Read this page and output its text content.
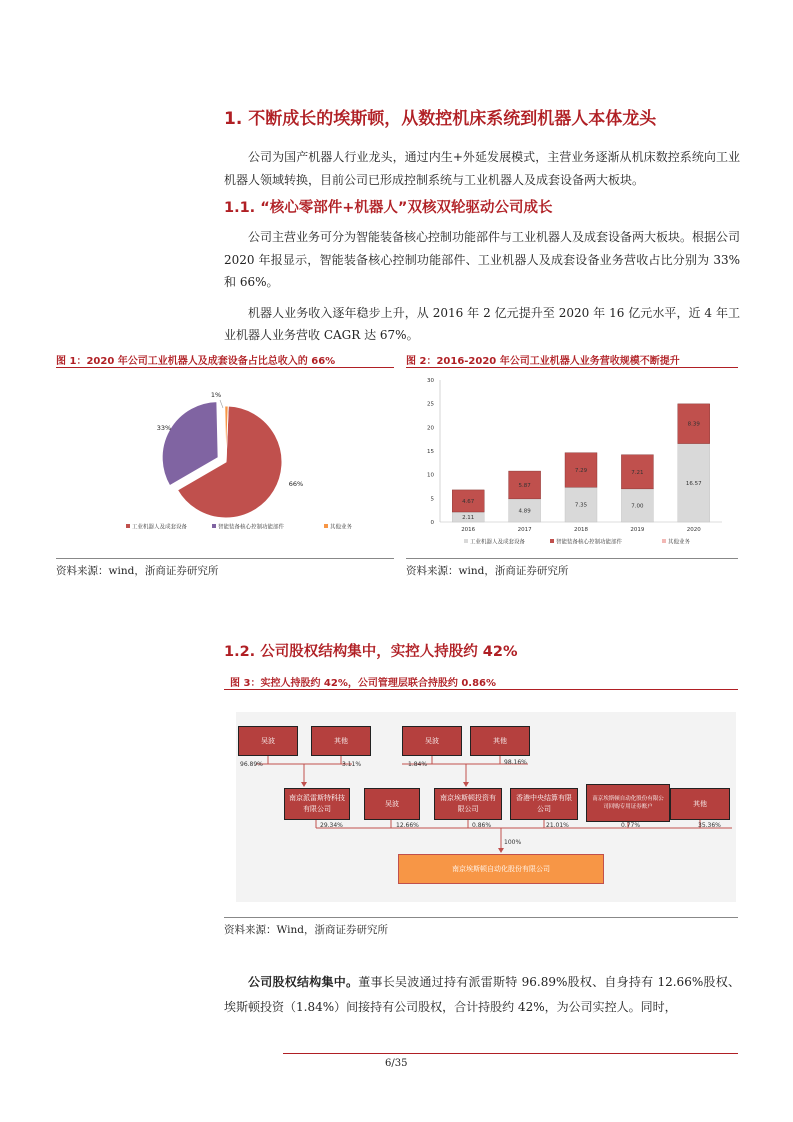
1. 不断成长的埃斯顿，从数控机床系统到机器人本体龙头

公司为国产机器人行业龙头，通过内生+外延发展模式，主营业务逐渐从机床数控系统向工业机器人领域转换，目前公司已形成控制系统与工业机器人及成套设备两大板块。

1.1. “核心零部件+机器人”双核双轮驱动公司成长

公司主营业务可分为智能装备核心控制功能部件与工业机器人及成套设备两大板块。根据公司 2020 年报显示，智能装备核心控制功能部件、工业机器人及成套设备业务营收占比分别为 33%和 66%。

机器人业务收入逐年稳步上升，从 2016 年 2 亿元提升至 2020 年 16 亿元水平，近 4 年工业机器人业务营收 CAGR 达 67%。

图 1：2020 年公司工业机器人及成套设备占比总收入的 66%	图 2：2016-2020 年公司工业机器人业务营收规模不断提升
66%
33%
1%
工业机器人及成套设备	智能装备核心控制功能部件	其他业务
0
5
10
15
20
25
30
2.11
4.67
2016
4.89
5.87
2017
7.35
7.29
2018
7.00
7.21
2019
16.57
8.39
2020
工业机器人及成套设备	智能装备核心控制功能部件	其他业务
资料来源：wind，浙商证券研究所	资料来源：wind，浙商证券研究所
1.2. 公司股权结构集中，实控人持股约 42%
图 3：实控人持股约 42%，公司管理层联合持股约 0.86%
吴波	其他	吴波	其他
96.89%	3.11%	1.84%	98.16%
南京派雷斯特科技有限公司
吴波
南京埃斯顿投资有限公司
香港中央结算有限公司
南京埃斯顿自动化股份有限公司回购专用证券账户	其他
29.34%	12.66%	0.86%	21.01%	0.77%	35.36%
100%
南京埃斯顿自动化股份有限公司
资料来源：Wind，浙商证券研究所

公司股权结构集中。董事长吴波通过持有派雷斯特 96.89%股权、自身持有 12.66%股权、埃斯顿投资（1.84%）间接持有公司股权，合计持股约 42%，为公司实控人。同时，

6/35
